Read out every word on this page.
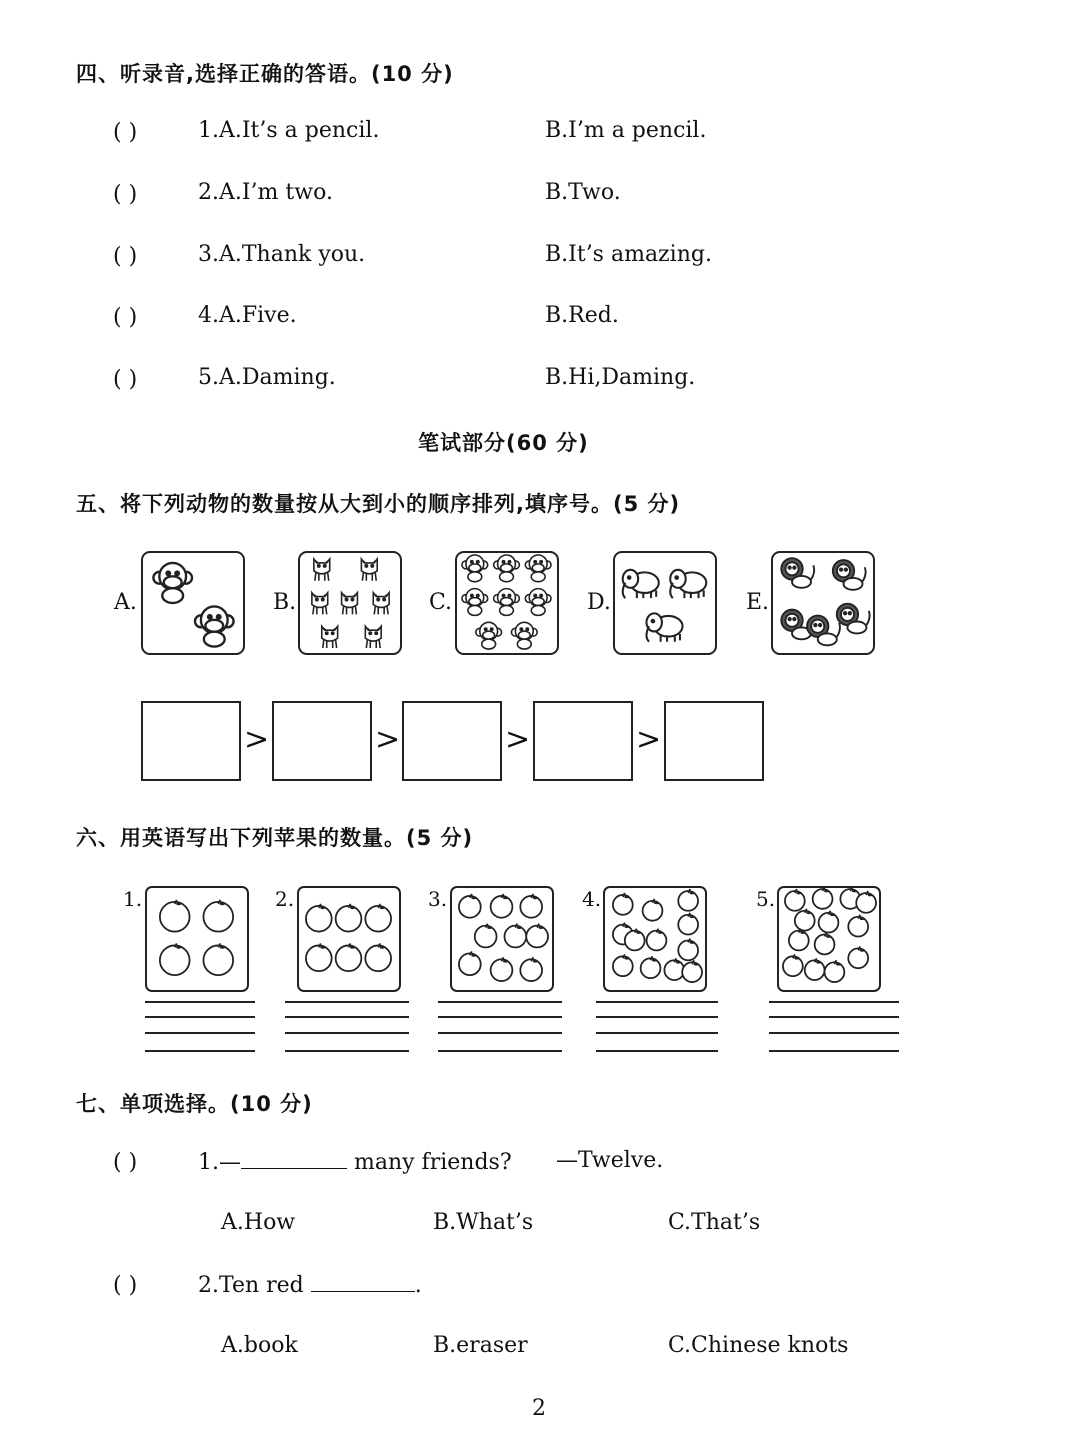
四、听录音,选择正确的答语。(10 分)
( )	1.A.It’s a pencil.	B.I’m a pencil.
( )	2.A.I’m two.	B.Two.
( )	3.A.Thank you.	B.It’s amazing.
( )	4.A.Five.	B.Red.
( )	5.A.Daming.	B.Hi,Daming.
笔试部分(60 分)
五、将下列动物的数量按从大到小的顺序排列,填序号。(5 分)
A.	B.	C.	D.	E.
>	>	>	>
六、用英语写出下列苹果的数量。(5 分)
1.	2.	3.	4.	5.
七、单项选择。(10 分)
( )	1.—	many friends? —Twelve.
A.How	B.What’s	C.That’s
( )	2.Ten red	.
A.book	B.eraser	C.Chinese knots
2
